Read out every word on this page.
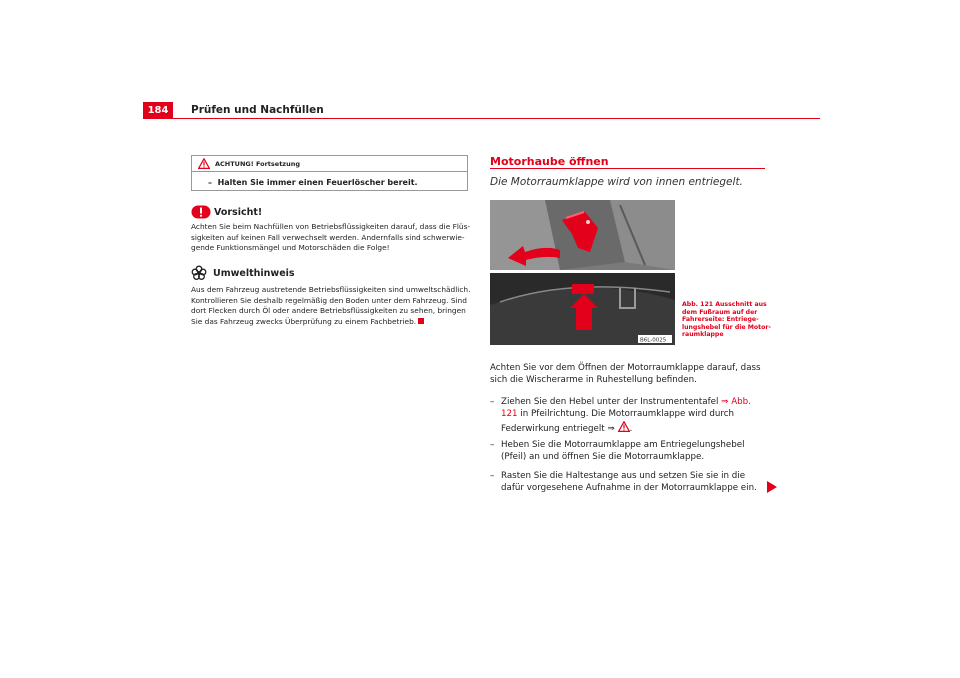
184	Prüfen und Nachfüllen
ACHTUNG! Fortsetzung
– Halten Sie immer einen Feuerlöscher bereit.
Vorsicht!
Achten Sie beim Nachfüllen von Betriebsflüssigkeiten darauf, dass die Flüs-sigkeiten auf keinen Fall verwechselt werden. Andernfalls sind schwerwie-gende Funktionsmängel und Motorschäden die Folge!
Umwelthinweis
Aus dem Fahrzeug austretende Betriebsflüssigkeiten sind umweltschädlich. Kontrollieren Sie deshalb regelmäßig den Boden unter dem Fahrzeug. Sind dort Flecken durch Öl oder andere Betriebsflüssigkeiten zu sehen, bringen Sie das Fahrzeug zwecks Überprüfung zu einem Fachbetrieb.
Motorhaube öffnen
Die Motorraumklappe wird von innen entriegelt.
B6L-0025
Abb. 121 Ausschnitt aus dem Fußraum auf der Fahrerseite: Entriege-lungshebel für die Motor-raumklappe
Achten Sie vor dem Öffnen der Motorraumklappe darauf, dass sich die Wischerarme in Ruhestellung befinden.
– Ziehen Sie den Hebel unter der Instrumententafel ⇒ Abb. 121 in Pfeilrichtung. Die Motorraumklappe wird durch Federwirkung entriegelt ⇒ .
– Heben Sie die Motorraumklappe am Entriegelungshebel (Pfeil) an und öffnen Sie die Motorraumklappe.
– Rasten Sie die Haltestange aus und setzen Sie sie in die dafür vorgesehene Aufnahme in der Motorraumklappe ein.
